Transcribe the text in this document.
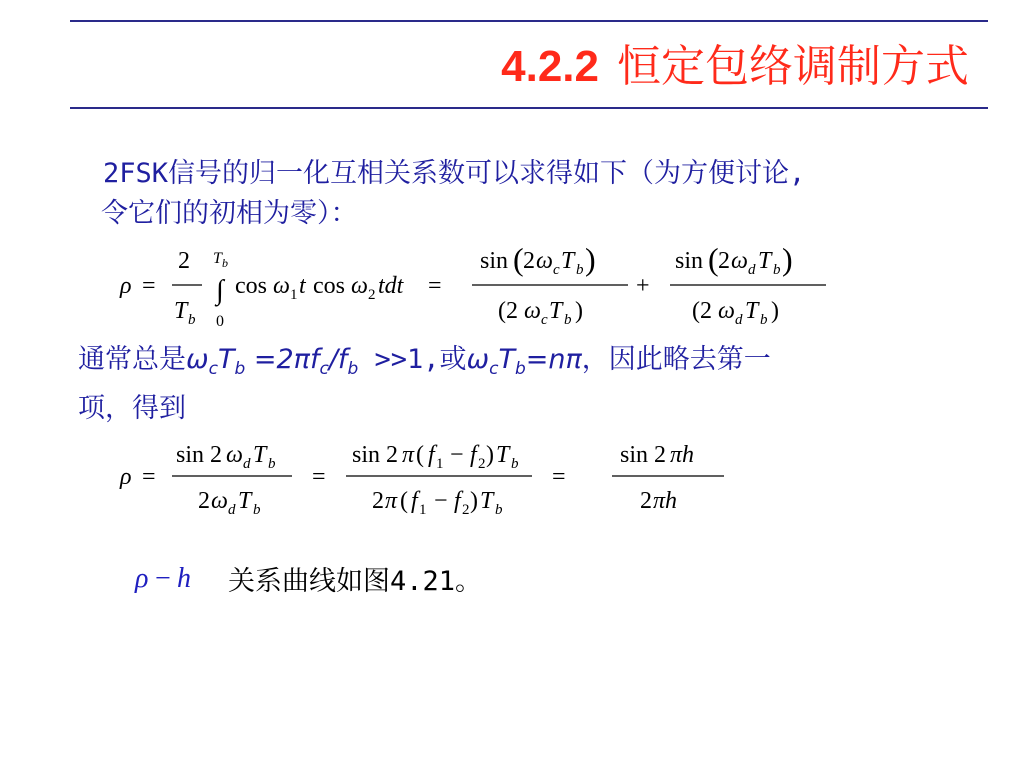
4.2.2 恒定包络调制方式
2FSK信号的归一化互相关系数可以求得如下（为方便讨论,
令它们的初相为零）：
ρ =
2
T b
T b
∫
0
cos ω 1 t cos ω 2 tdt =
sin ( 2 ω c T b )
(2 ω c T b )
+
sin ( 2 ω d T b )
(2 ω d T b )
通常总是$\omega_cT_b =2\pi f_c/f_b >>1$,或$\omega_cT_b=n\pi$，因此略去第一
项，得到
ρ =
sin 2 ω d T b
2 ω d T b
=
sin 2 π ( f 1 − f 2 ) T b
2 π ( f 1 − f 2 ) T b
=
sin 2 πh
2 πh
ρ − h 关系曲线如图4.21。
